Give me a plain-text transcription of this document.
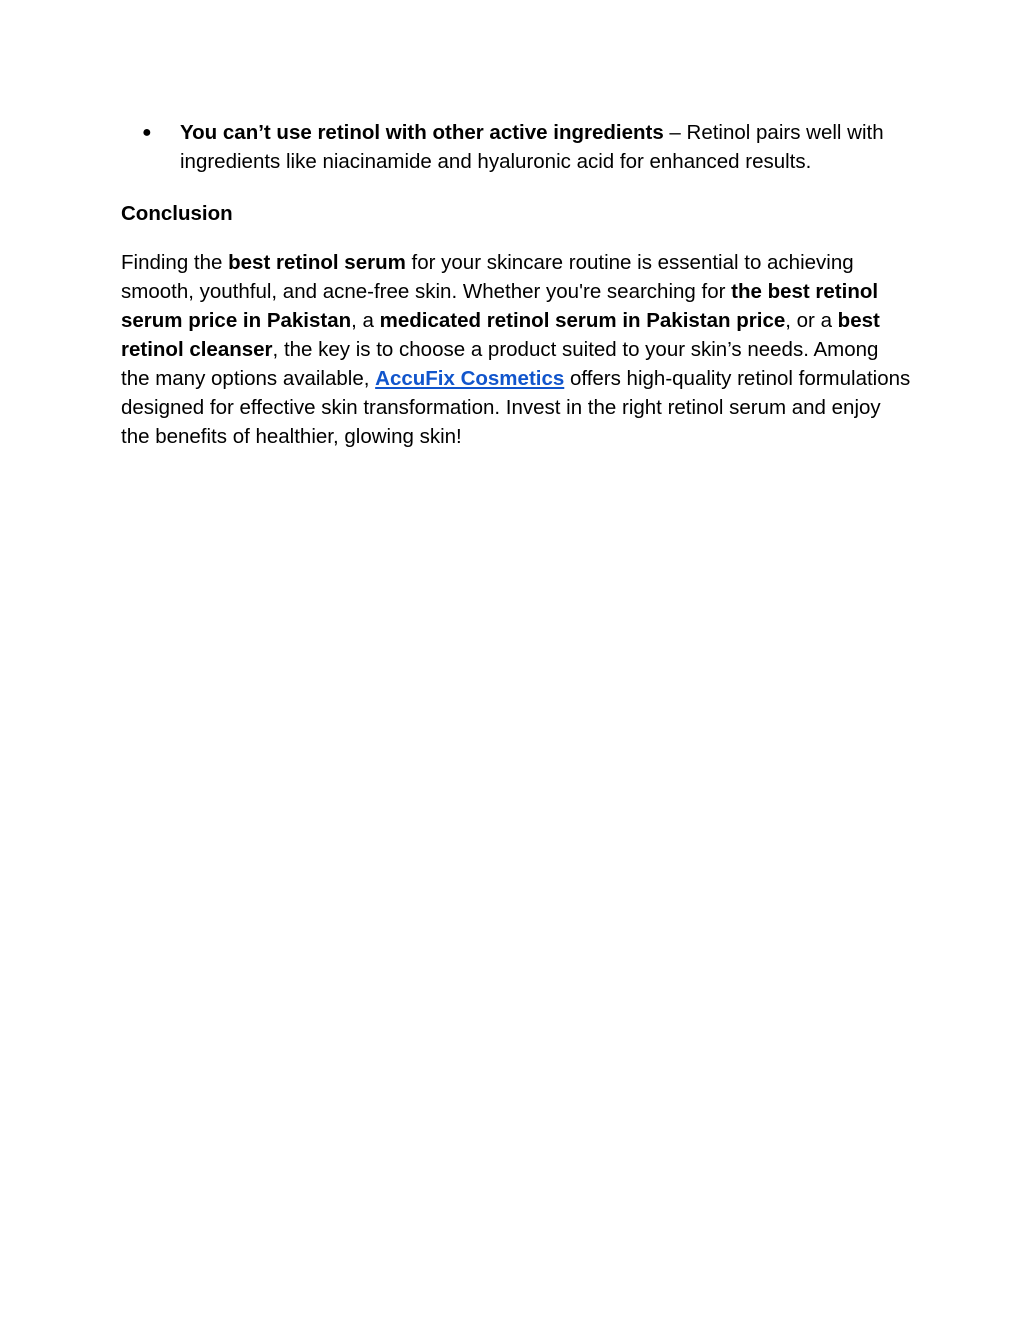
● You can’t use retinol with other active ingredients – Retinol pairs well with ingredients like niacinamide and hyaluronic acid for enhanced results.
Conclusion

Finding the best retinol serum for your skincare routine is essential to achieving smooth, youthful, and acne-free skin. Whether you're searching for the best retinol serum price in Pakistan, a medicated retinol serum in Pakistan price, or a best retinol cleanser, the key is to choose a product suited to your skin’s needs. Among the many options available, AccuFix Cosmetics offers high-quality retinol formulations designed for effective skin transformation. Invest in the right retinol serum and enjoy the benefits of healthier, glowing skin!
